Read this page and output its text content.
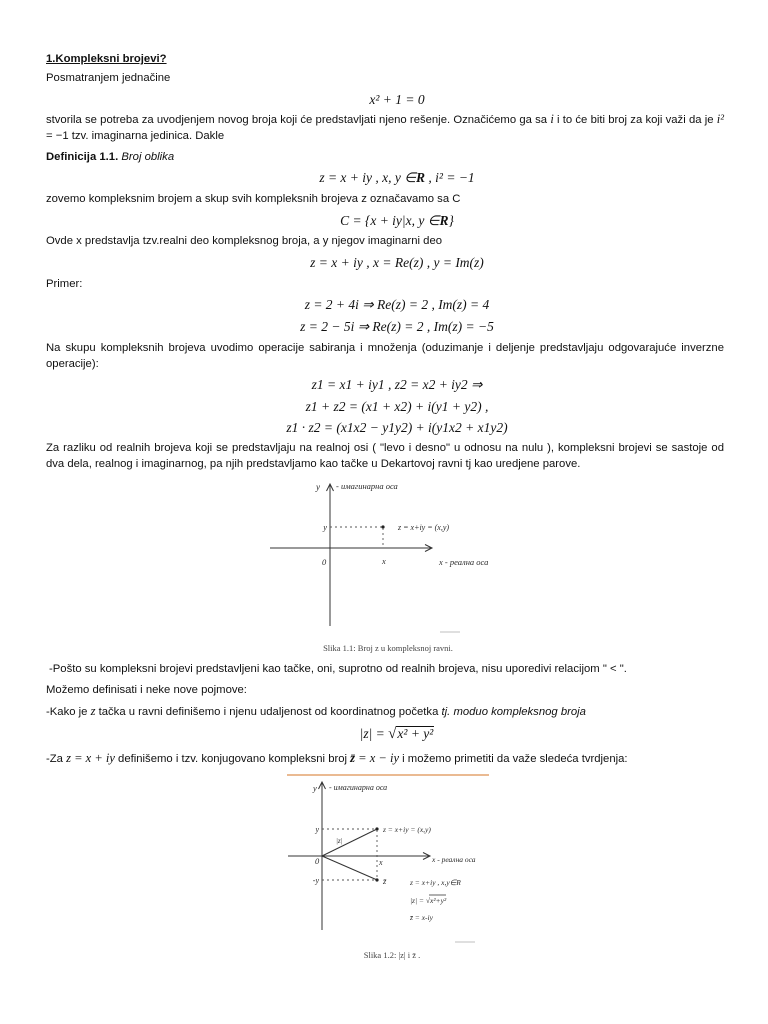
1.Kompleksni brojevi?
Posmatranjem jednačine
x² + 1 = 0
stvorila se potreba za uvodjenjem novog broja koji će predstavljati njeno rešenje. Označićemo ga sa i i to će biti broj za koji važi da je i²
= −1 tzv. imaginarna jedinica. Dakle
Definicija 1.1. Broj oblika
z = x + iy , x, y ∈R , i² = −1
zovemo kompleksnim brojem a skup svih kompleksnih brojeva z označavamo sa C
C = {x + iy|x, y ∈R}
Ovde x predstavlja tzv.realni deo kompleksnog broja, a y njegov imaginarni deo
z = x + iy , x = Re(z) , y = Im(z)
Primer:
z = 2 + 4i ⇒ Re(z) = 2 , Im(z) = 4
z = 2 − 5i ⇒ Re(z) = 2 , Im(z) = −5
Na skupu kompleksnih brojeva uvodimo operacije sabiranja i množenja (oduzimanje i deljenje predstavljaju odgovarajuće inverzne
operacije):
z1 = x1 + iy1 , z2 = x2 + iy2 ⇒
z1 + z2 = (x1 + x2) + i(y1 + y2) ,
z1 · z2 = (x1x2 − y1y2) + i(y1x2 + x1y2)
Za razliku od realnih brojeva koji se predstavljaju na realnoj osi ( "levo i desno" u odnosu na nulu ), kompleksni brojevi se sastoje od
dva dela, realnog i imaginarnog, pa njih predstavljamo kao tačke u Dekartovoj ravni tj kao uredjene parove.
y - имагинарна оса
y	z = x+iy = (x,y)
0	x	x - реална оса
Slika 1.1: Broj z u kompleksnoj ravni.
-Pošto su kompleksni brojevi predstavljeni kao tačke, oni, suprotno od realnih brojeva, nisu uporedivi relacijom " < ".
Možemo definisati i neke nove pojmove:
-Kako je z tačka u ravni definišemo i njenu udaljenost od koordinatnog početka tj. moduo kompleksnog broja
|z| = √x² + y²
-Za z = x + iy definišemo i tzv. konjugovano kompleksni broj z̄ = x − iy i možemo primetiti da važe sledeća tvrdjenja:
y - имагинарна оса
y	z = x+iy = (x,y)
|z|
0	x	x - реална оса
-y	z̄	z = x+iy , x,y∈R
|z| = √x²+y²
z̄ = x-iy
Slika 1.2: |z| i z̄ .
